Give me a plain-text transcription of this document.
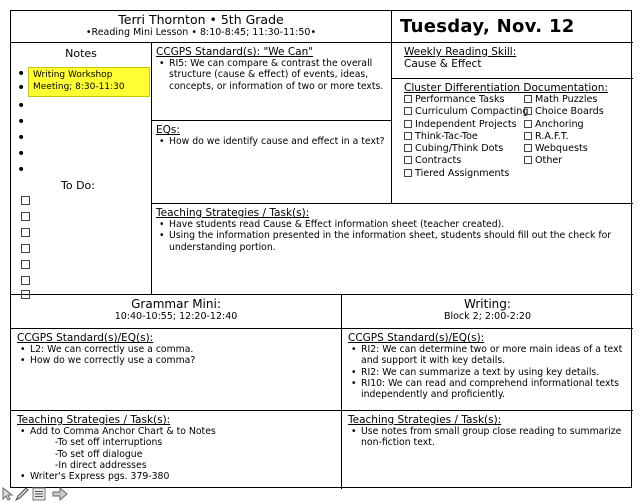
Terri Thornton • 5th Grade
•Reading Mini Lesson • 8:10-8:45; 11:30-11:50•	Tuesday, Nov. 12
Notes
•
•
•
•
•
•
•
Writing Workshop Meeting; 8:30-11:30
To Do:
CCGPS Standard(s): "We Can"
• RI5: We can compare & contrast the overall structure (cause & effect) of events, ideas, concepts, or information of two or more texts.
EQs:
• How do we identify cause and effect in a text?
Weekly Reading Skill:
Cause & Effect
Cluster Differentiation Documentation:
Performance Tasks
Curriculum Compacting
Independent Projects
Think-Tac-Toe
Cubing/Think Dots
Contracts
Tiered Assignments
Math Puzzles
Choice Boards
Anchoring
R.A.F.T.
Webquests
Other
Teaching Strategies / Task(s):
• Have students read Cause & Effect information sheet (teacher created).
• Using the information presented in the information sheet, students should fill out the check for understanding portion.
Grammar Mini:
10:40-10:55; 12:20-12:40
Writing:
Block 2; 2:00-2:20
CCGPS Standard(s)/EQ(s):
• L2: We can correctly use a comma.
• How do we correctly use a comma?
CCGPS Standard(s)/EQ(s):
• RI2: We can determine two or more main ideas of a text and support it with key details.
• RI2: We can summarize a text by using key details.
• RI10: We can read and comprehend informational texts independently and proficiently.
Teaching Strategies / Task(s):
• Add to Comma Anchor Chart & to Notes
-To set off interruptions
-To set off dialogue
-In direct addresses
• Writer's Express pgs. 379-380
Teaching Strategies / Task(s):
• Use notes from small group close reading to summarize non-fiction text.
